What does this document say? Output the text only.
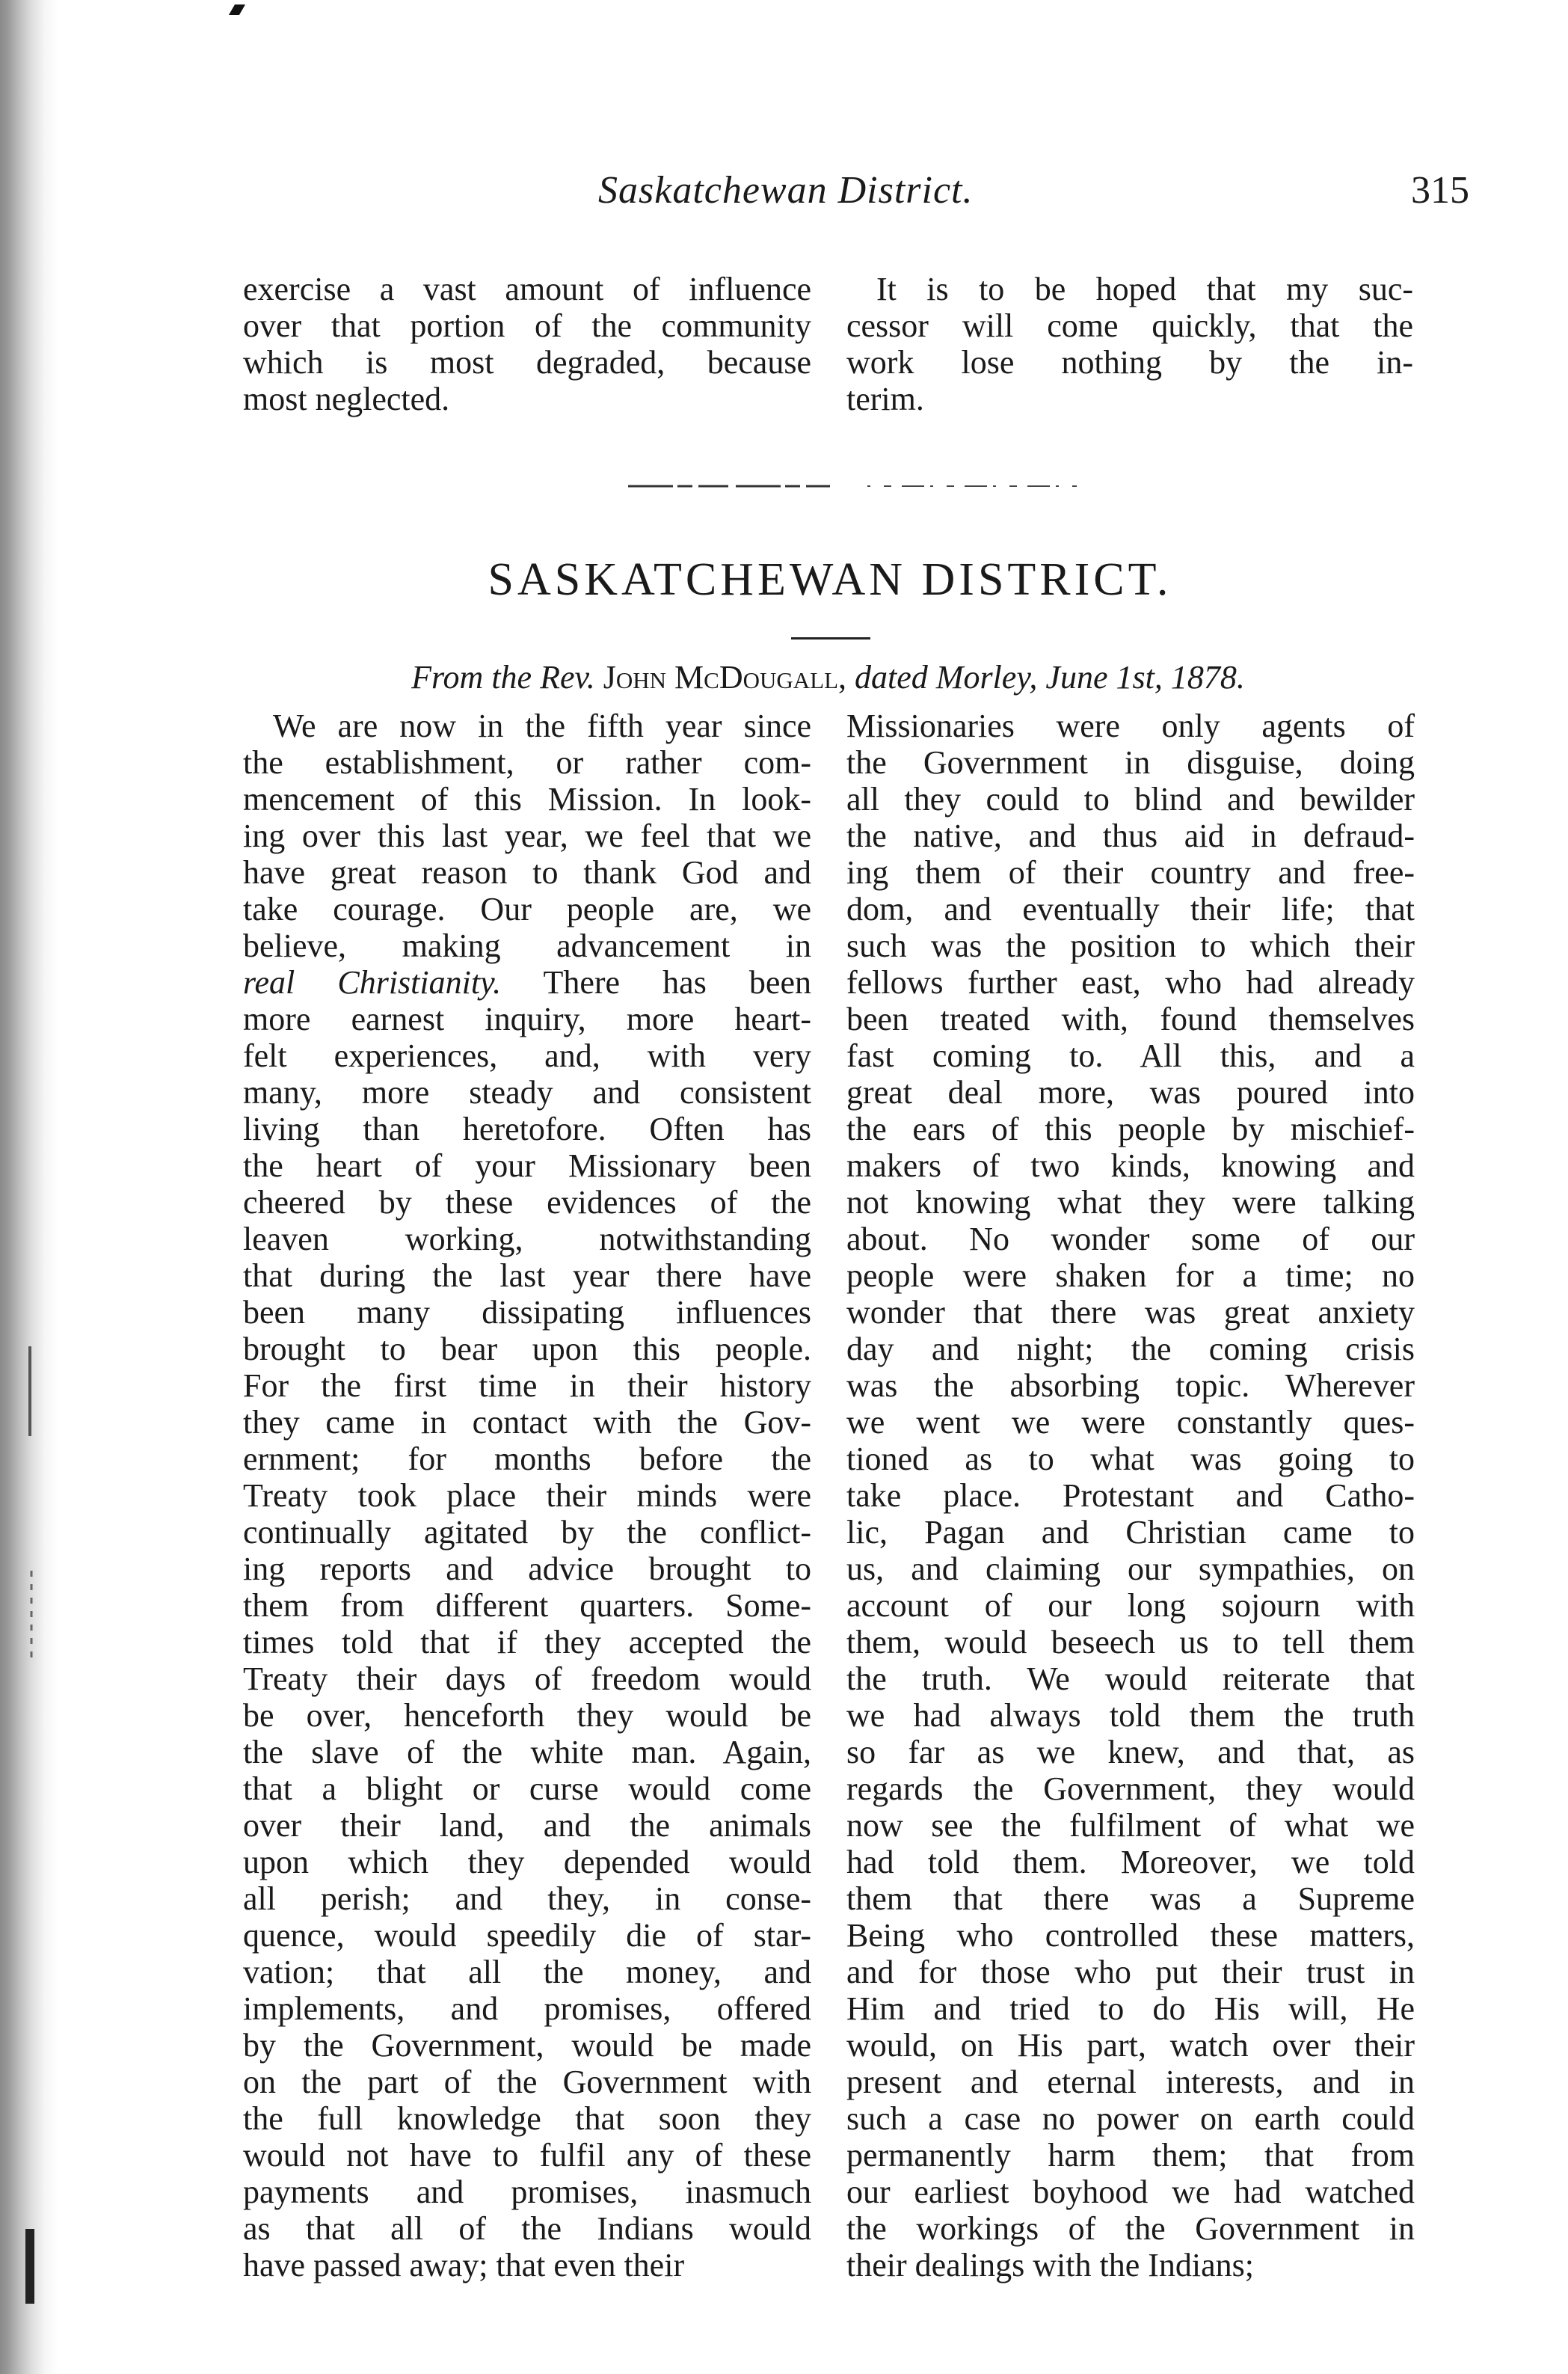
Saskatchewan District.	315
exercise a vast amount of influence
over that portion of the community
which is most degraded, because
most neglected.
It is to be hoped that my suc-
cessor will come quickly, that the
work lose nothing by the in-
terim.
SASKATCHEWAN DISTRICT.
From the Rev. John McDougall, dated Morley, June 1st, 1878.
We are now in the fifth year since
the establishment, or rather com-
mencement of this Mission. In look-
ing over this last year, we feel that we
have great reason to thank God and
take courage. Our people are, we
believe, making advancement in
real Christianity. There has been
more earnest inquiry, more heart-
felt experiences, and, with very
many, more steady and consistent
living than heretofore. Often has
the heart of your Missionary been
cheered by these evidences of the
leaven working, notwithstanding
that during the last year there have
been many dissipating influences
brought to bear upon this people.
For the first time in their history
they came in contact with the Gov-
ernment; for months before the
Treaty took place their minds were
continually agitated by the conflict-
ing reports and advice brought to
them from different quarters. Some-
times told that if they accepted the
Treaty their days of freedom would
be over, henceforth they would be
the slave of the white man. Again,
that a blight or curse would come
over their land, and the animals
upon which they depended would
all perish; and they, in conse-
quence, would speedily die of star-
vation; that all the money, and
implements, and promises, offered
by the Government, would be made
on the part of the Government with
the full knowledge that soon they
would not have to fulfil any of these
payments and promises, inasmuch
as that all of the Indians would
have passed away; that even their
Missionaries were only agents of
the Government in disguise, doing
all they could to blind and bewilder
the native, and thus aid in defraud-
ing them of their country and free-
dom, and eventually their life; that
such was the position to which their
fellows further east, who had already
been treated with, found themselves
fast coming to. All this, and a
great deal more, was poured into
the ears of this people by mischief-
makers of two kinds, knowing and
not knowing what they were talking
about. No wonder some of our
people were shaken for a time; no
wonder that there was great anxiety
day and night; the coming crisis
was the absorbing topic. Wherever
we went we were constantly ques-
tioned as to what was going to
take place. Protestant and Catho-
lic, Pagan and Christian came to
us, and claiming our sympathies, on
account of our long sojourn with
them, would beseech us to tell them
the truth. We would reiterate that
we had always told them the truth
so far as we knew, and that, as
regards the Government, they would
now see the fulfilment of what we
had told them. Moreover, we told
them that there was a Supreme
Being who controlled these matters,
and for those who put their trust in
Him and tried to do His will, He
would, on His part, watch over their
present and eternal interests, and in
such a case no power on earth could
permanently harm them; that from
our earliest boyhood we had watched
the workings of the Government in
their dealings with the Indians;
